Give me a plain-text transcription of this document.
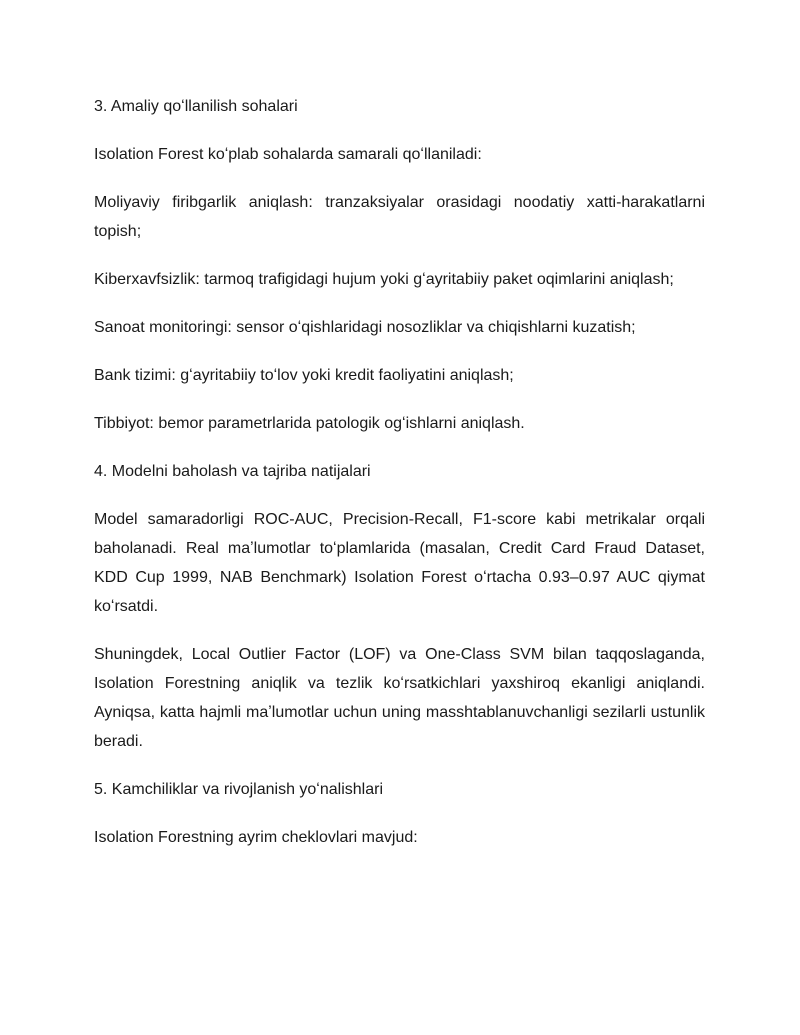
3. Amaliy qoʻllanilish sohalari

Isolation Forest koʻplab sohalarda samarali qoʻllaniladi:

Moliyaviy firibgarlik aniqlash: tranzaksiyalar orasidagi noodatiy xatti-harakatlarni topish;

Kiberxavfsizlik: tarmoq trafigidagi hujum yoki gʻayritabiiy paket oqimlarini aniqlash;

Sanoat monitoringi: sensor oʻqishlaridagi nosozliklar va chiqishlarni kuzatish;

Bank tizimi: gʻayritabiiy toʻlov yoki kredit faoliyatini aniqlash;

Tibbiyot: bemor parametrlarida patologik ogʻishlarni aniqlash.

4. Modelni baholash va tajriba natijalari

Model samaradorligi ROC-AUC, Precision-Recall, F1-score kabi metrikalar orqali baholanadi. Real maʼlumotlar toʻplamlarida (masalan, Credit Card Fraud Dataset, KDD Cup 1999, NAB Benchmark) Isolation Forest oʻrtacha 0.93–0.97 AUC qiymat koʻrsatdi.

Shuningdek, Local Outlier Factor (LOF) va One-Class SVM bilan taqqoslaganda, Isolation Forestning aniqlik va tezlik koʻrsatkichlari yaxshiroq ekanligi aniqlandi. Ayniqsa, katta hajmli maʼlumotlar uchun uning masshtablanuvchanligi sezilarli ustunlik beradi.

5. Kamchiliklar va rivojlanish yoʻnalishlari

Isolation Forestning ayrim cheklovlari mavjud:
